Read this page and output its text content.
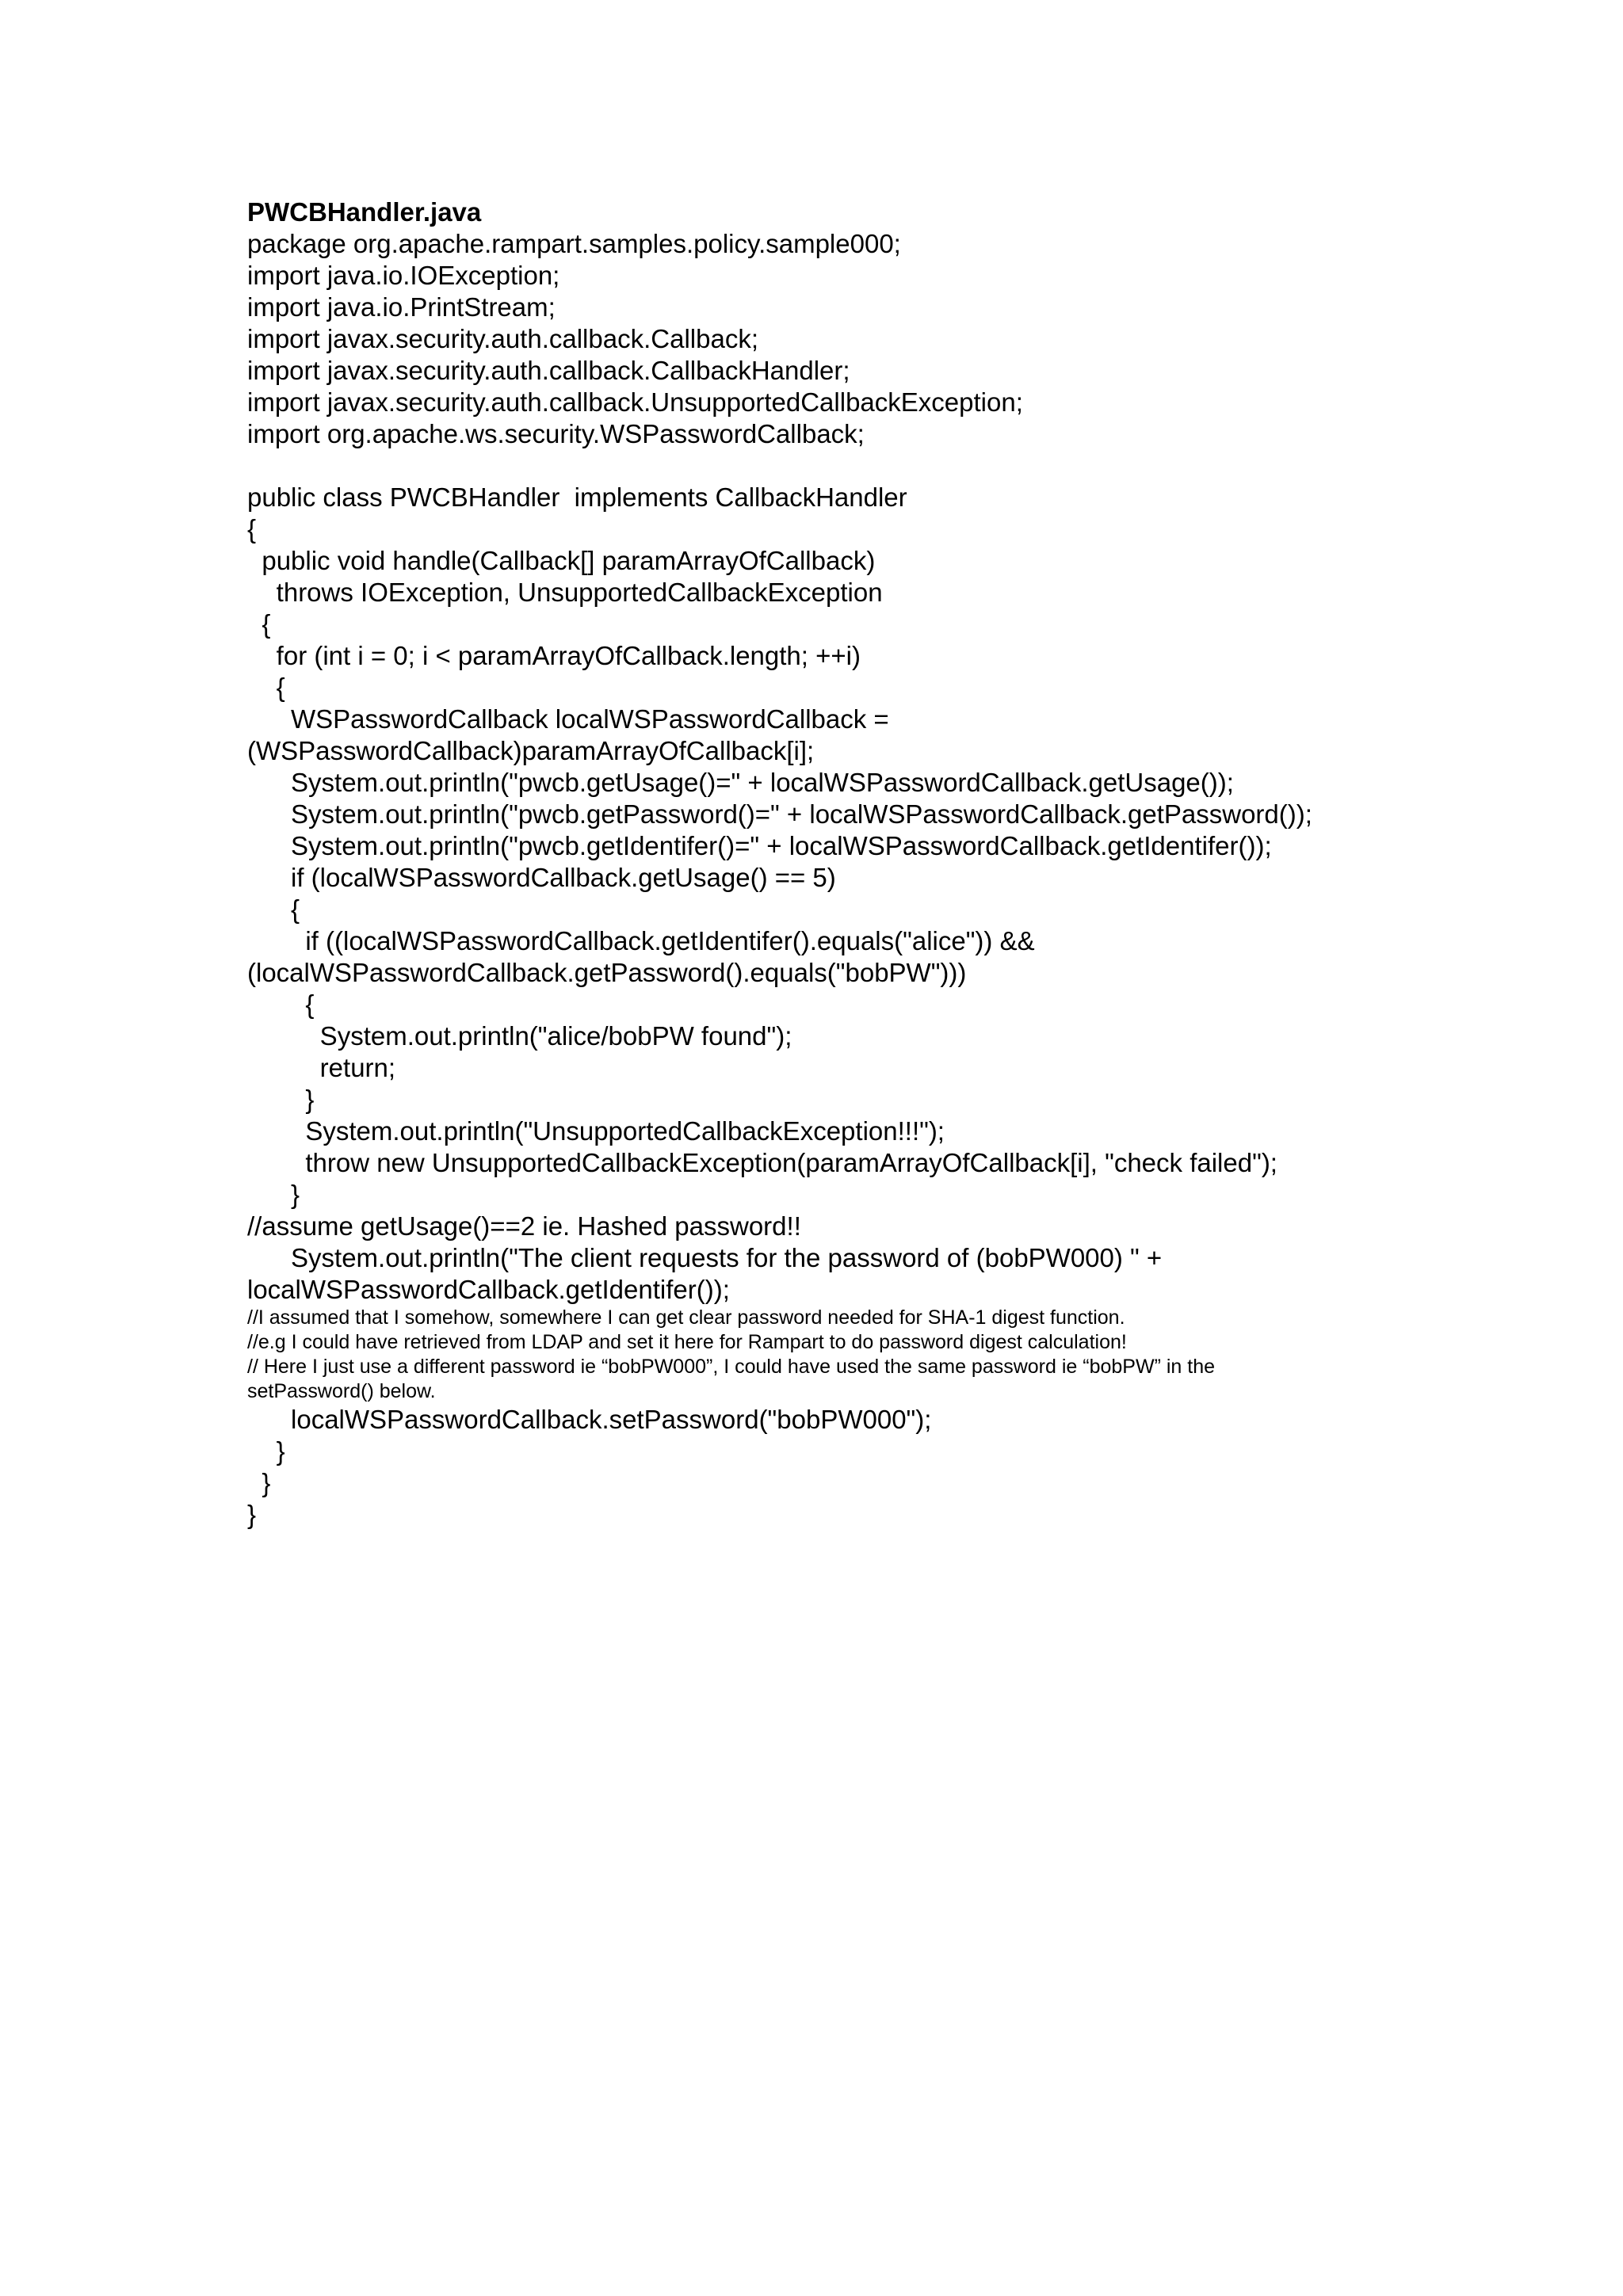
PWCBHandler.java
package org.apache.rampart.samples.policy.sample000;
import java.io.IOException;
import java.io.PrintStream;
import javax.security.auth.callback.Callback;
import javax.security.auth.callback.CallbackHandler;
import javax.security.auth.callback.UnsupportedCallbackException;
import org.apache.ws.security.WSPasswordCallback;
public class PWCBHandler  implements CallbackHandler
{
public void handle(Callback[] paramArrayOfCallback)
throws IOException, UnsupportedCallbackException
{
for (int i = 0; i < paramArrayOfCallback.length; ++i)
{
WSPasswordCallback localWSPasswordCallback =
(WSPasswordCallback)paramArrayOfCallback[i];
System.out.println("pwcb.getUsage()=" + localWSPasswordCallback.getUsage());
System.out.println("pwcb.getPassword()=" + localWSPasswordCallback.getPassword());
System.out.println("pwcb.getIdentifer()=" + localWSPasswordCallback.getIdentifer());
if (localWSPasswordCallback.getUsage() == 5)
{
if ((localWSPasswordCallback.getIdentifer().equals("alice")) &&
(localWSPasswordCallback.getPassword().equals("bobPW")))
{
System.out.println("alice/bobPW found");
return;
}
System.out.println("UnsupportedCallbackException!!!");
throw new UnsupportedCallbackException(paramArrayOfCallback[i], "check failed");
}
//assume getUsage()==2 ie. Hashed password!!
System.out.println("The client requests for the password of (bobPW000) " +
localWSPasswordCallback.getIdentifer());
//I assumed that I somehow, somewhere I can get clear password needed for SHA-1 digest function.
//e.g I could have retrieved from LDAP and set it here for Rampart to do password digest calculation!
// Here I just use a different password ie “bobPW000”, I could have used the same password ie “bobPW” in the
setPassword() below.
localWSPasswordCallback.setPassword("bobPW000");
}
}
}
